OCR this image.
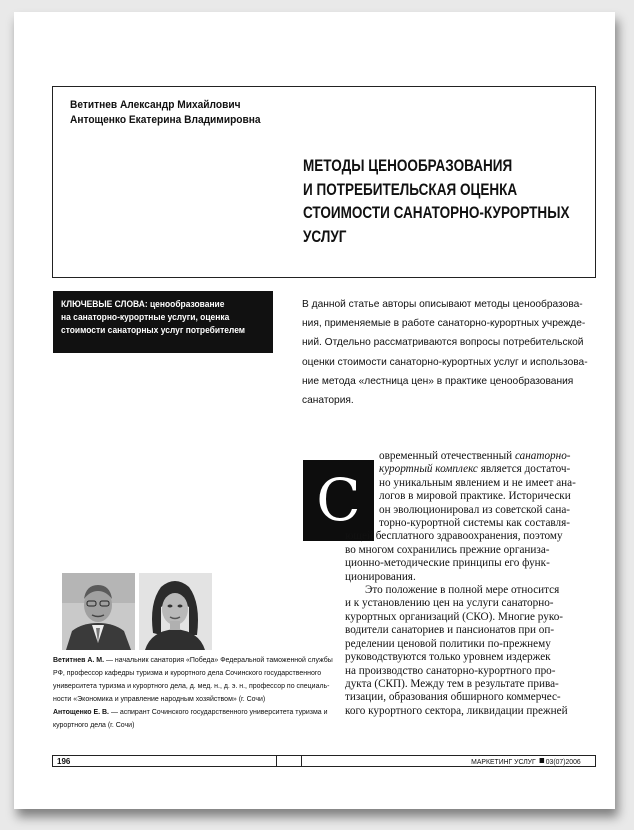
Ветитнев Александр Михайлович
Антощенко Екатерина Владимировна
МЕТОДЫ ЦЕНООБРАЗОВАНИЯ
И ПОТРЕБИТЕЛЬСКАЯ ОЦЕНКА
СТОИМОСТИ САНАТОРНО-КУРОРТНЫХ
УСЛУГ
КЛЮЧЕВЫЕ СЛОВА: ценообразование
на санаторно-курортные услуги, оценка
стоимости санаторных услуг потребителем
В данной статье авторы описывают методы ценообразова-
ния, применяемые в работе санаторно-курортных учрежде-
ний. Отдельно рассматриваются вопросы потребительской
оценки стоимости санаторно-курортных услуг и использова-
ние метода «лестница цен» в практике ценообразования
санатория.
С
овременный отечественный санаторно-
курортный комплекс является достаточ-
но уникальным явлением и не имеет ана-
логов в мировой практике. Исторически
он эволюционировал из советской сана-
торно-курортной системы как составля-
ющей бесплатного здравоохранения, поэтому
во многом сохранились прежние организа-
ционно-методические принципы его функ-
ционирования.
Это положение в полной мере относится
и к установлению цен на услуги санаторно-
курортных организаций (СКО). Многие руко-
водители санаториев и пансионатов при оп-
ределении ценовой политики по-прежнему
руководствуются только уровнем издержек
на производство санаторно-курортного про-
дукта (СКП). Между тем в результате прива-
тизации, образования обширного коммерчес-
кого курортного сектора, ликвидации прежней
Ветитнев А. М. — начальник санатория «Победа» Федеральной таможенной службы
РФ, профессор кафедры туризма и курортного дела Сочинского государственного
университета туризма и курортного дела, д. мед. н., д. э. н., профессор по специаль-
ности «Экономика и управление народным хозяйством» (г. Сочи)
Антощенко Е. В. — аспирант Сочинского государственного университета туризма и
курортного дела (г. Сочи)
196	МАРКЕТИНГ УСЛУГ 03(07)2006
